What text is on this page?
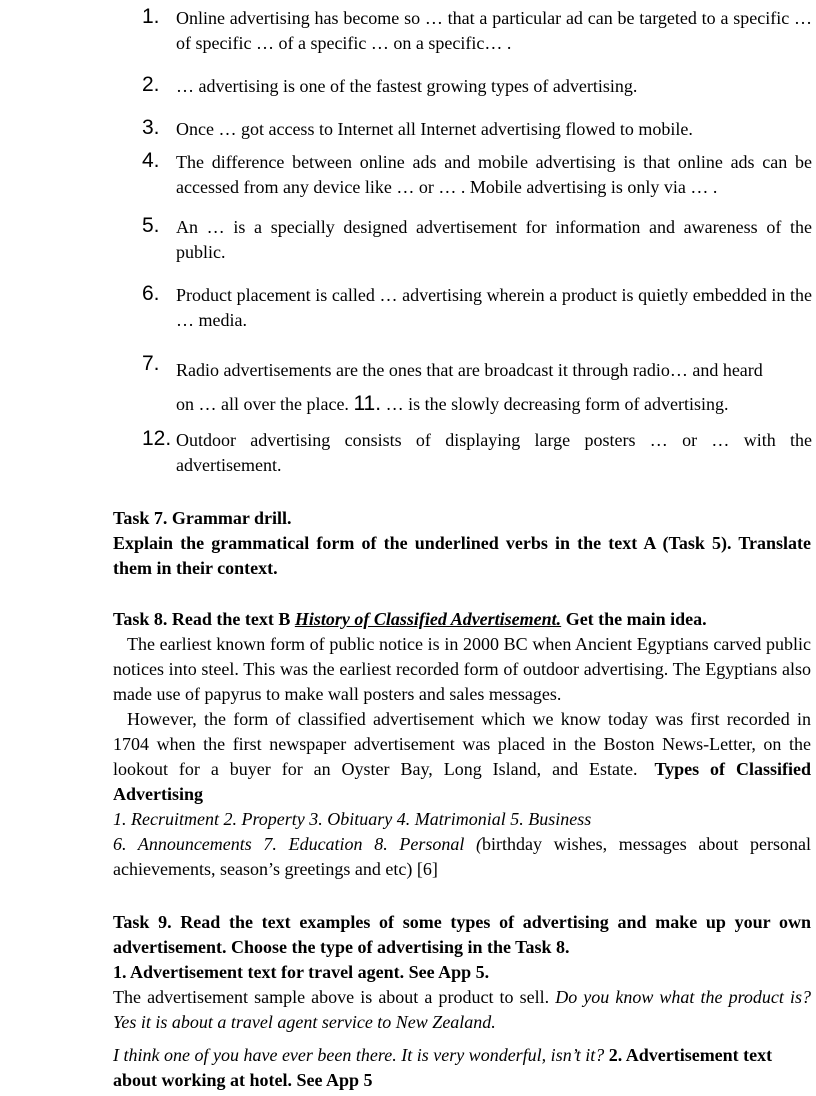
1. Online advertising has become so … that a particular ad can be targeted to a specific … of specific … of a specific … on a specific… .
2. … advertising is one of the fastest growing types of advertising.
3. Once … got access to Internet all Internet advertising flowed to mobile.
4. The difference between online ads and mobile advertising is that online ads can be accessed from any device like … or … . Mobile advertising is only via … .
5. An … is a specially designed advertisement for information and awareness of the public.
6. Product placement is called … advertising wherein a product is quietly embedded in the … media.
7. Radio advertisements are the ones that are broadcast it through radio… and heard
on … all over the place. 11. … is the slowly decreasing form of advertising.
12. Outdoor advertising consists of displaying large posters … or … with the advertisement.
Task 7. Grammar drill.
Explain the grammatical form of the underlined verbs in the text A (Task 5). Translate them in their context.
Task 8. Read the text B History of Classified Advertisement. Get the main idea.
The earliest known form of public notice is in 2000 BC when Ancient Egyptians carved public notices into steel. This was the earliest recorded form of outdoor advertising. The Egyptians also made use of papyrus to make wall posters and sales messages.
However, the form of classified advertisement which we know today was first recorded in 1704 when the first newspaper advertisement was placed in the Boston News-Letter, on the lookout for a buyer for an Oyster Bay, Long Island, and Estate. Types of Classified Advertising
1. Recruitment 2. Property 3. Obituary 4. Matrimonial 5. Business
6. Announcements 7. Education 8. Personal (birthday wishes, messages about personal achievements, season’s greetings and etc) [6]
Task 9. Read the text examples of some types of advertising and make up your own advertisement. Choose the type of advertising in the Task 8.
1. Advertisement text for travel agent. See App 5.
The advertisement sample above is about a product to sell. Do you know what the product is? Yes it is about a travel agent service to New Zealand.
I think one of you have ever been there. It is very wonderful, isn’t it? 2. Advertisement text about working at hotel. See App 5
